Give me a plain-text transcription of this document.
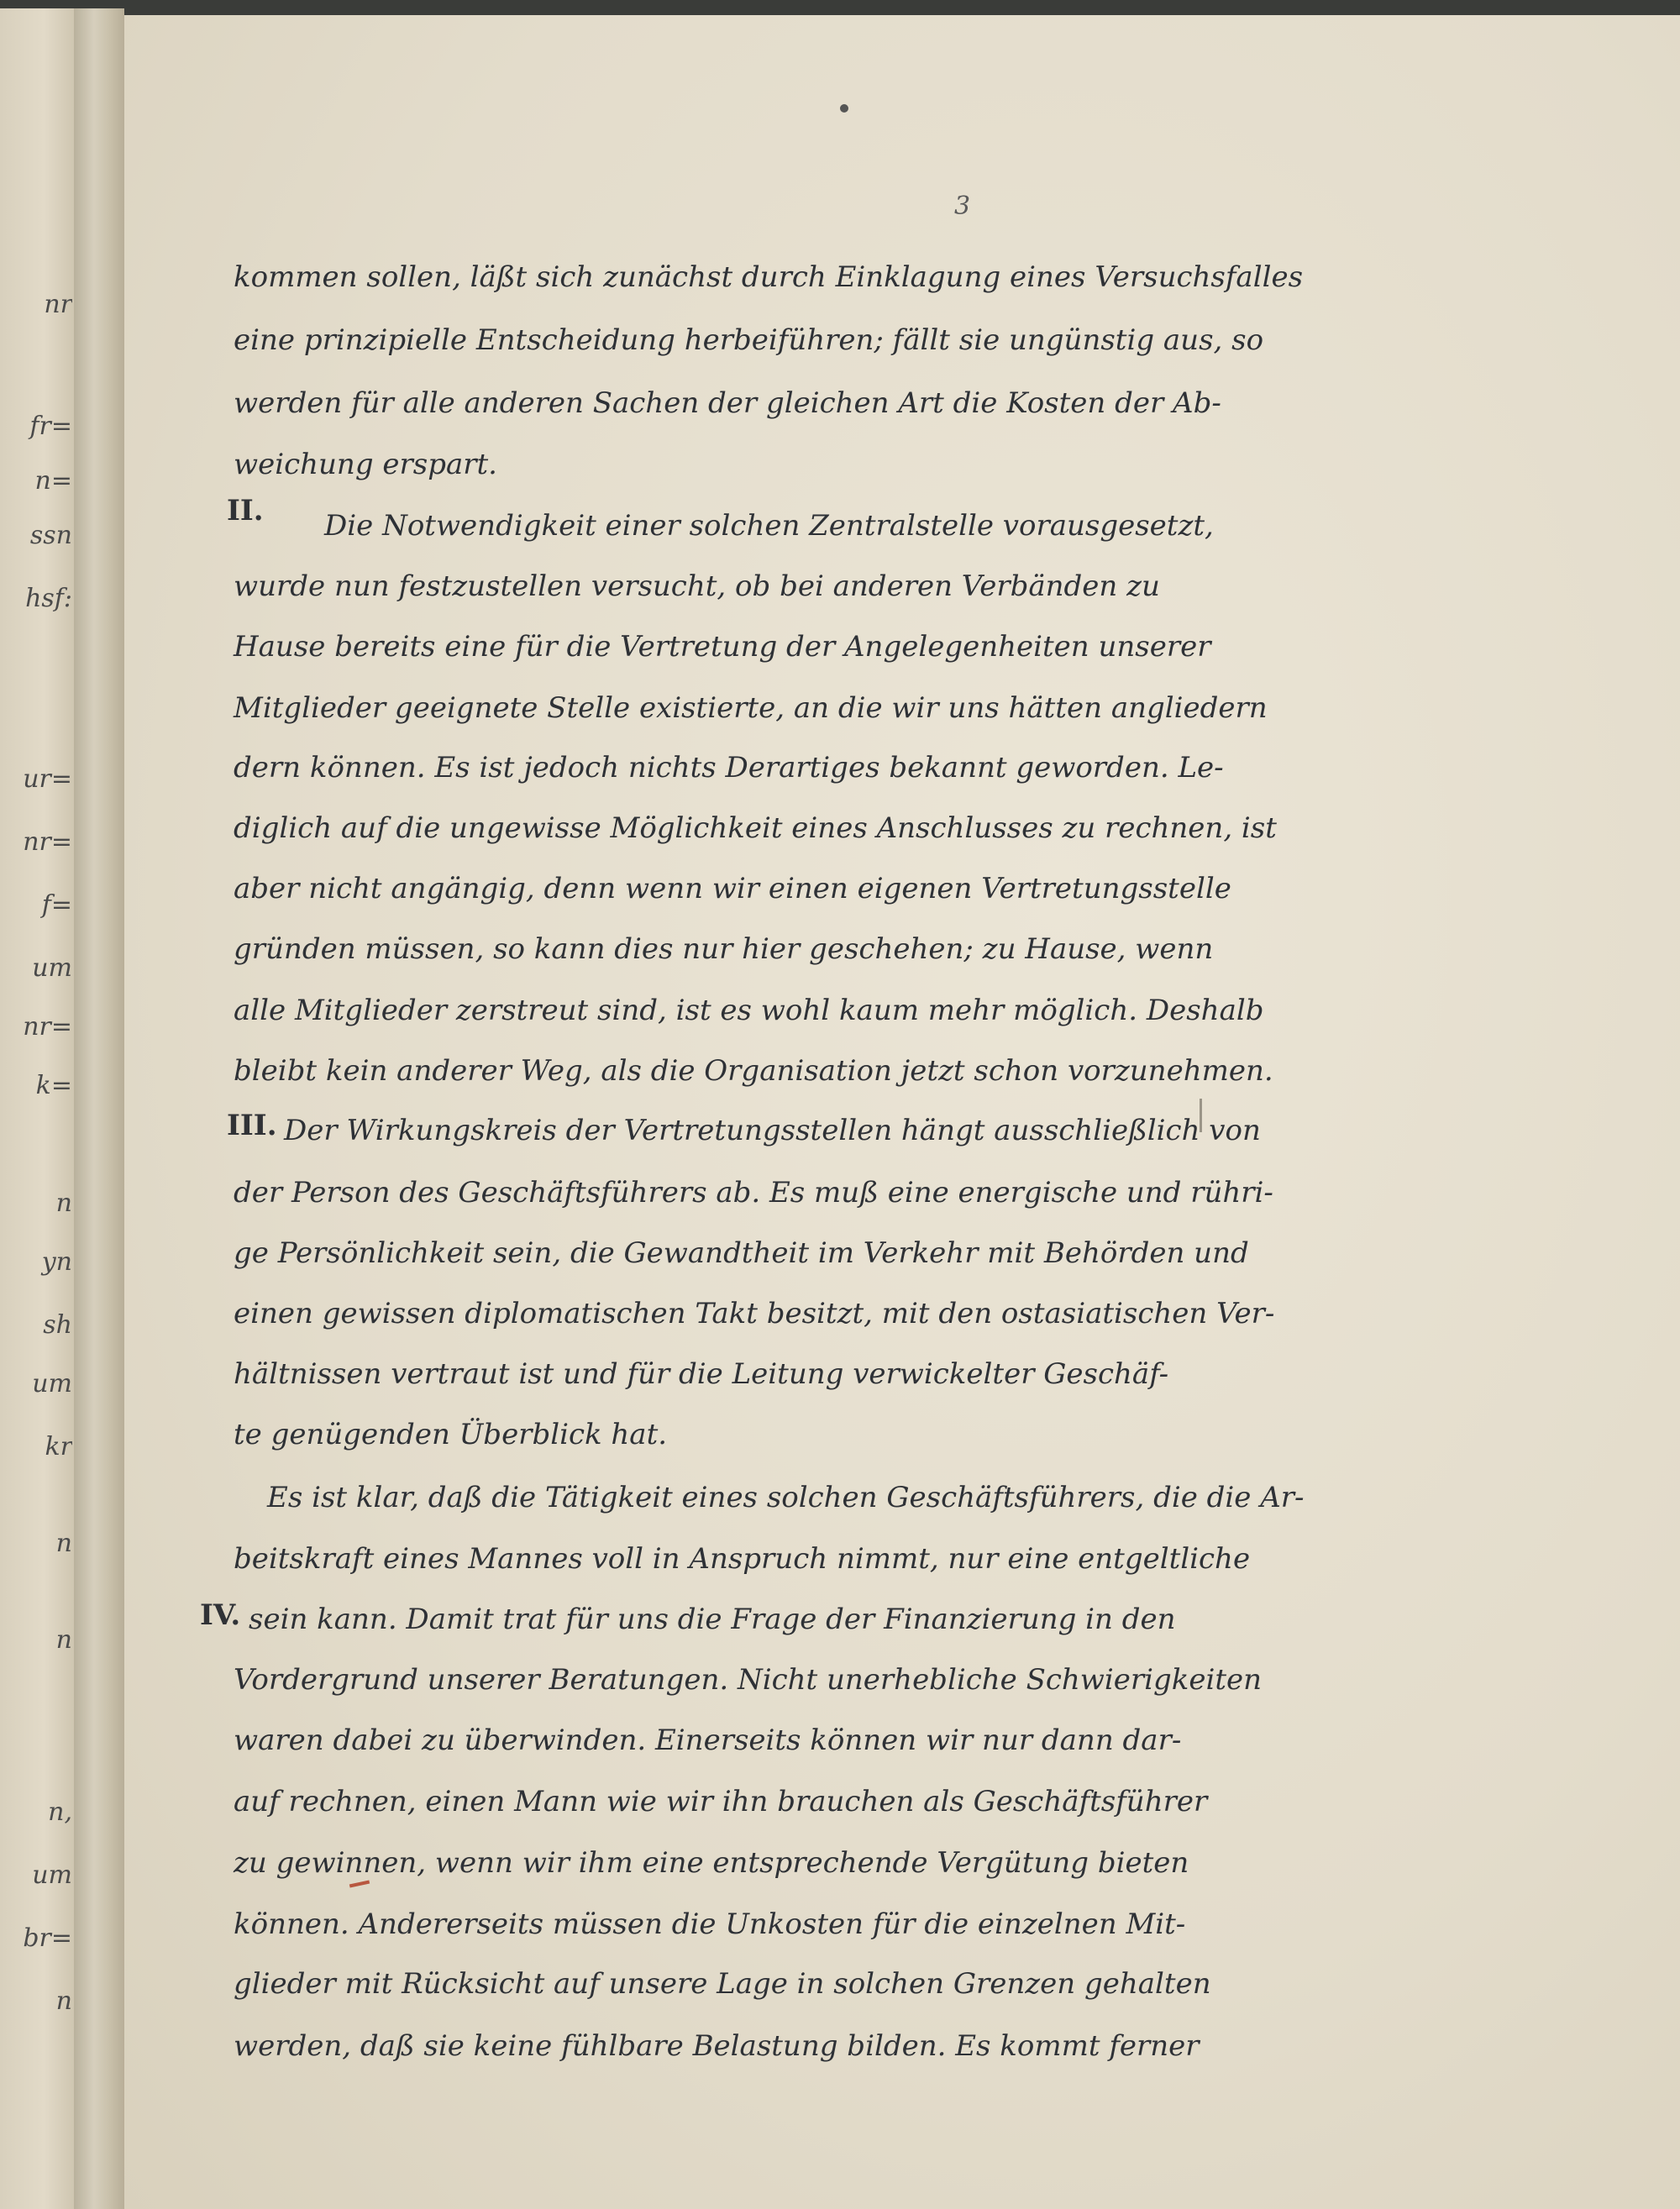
nr
fr=
n=
ssn
hsf:
ur=
nr=
f=
um
nr=
k=
n
yn
sh
um
kr
n
n
n,
um
br=
n
3
II.
III.
IV.
kommen sollen, läßt sich zunächst durch Einklagung eines Versuchsfalles
eine prinzipielle Entscheidung herbeiführen; fällt sie ungünstig aus, so
werden für alle anderen Sachen der gleichen Art die Kosten der Ab-
weichung erspart.
Die Notwendigkeit einer solchen Zentralstelle vorausgesetzt,
wurde nun festzustellen versucht, ob bei anderen Verbänden zu
Hause bereits eine für die Vertretung der Angelegenheiten unserer
Mitglieder geeignete Stelle existierte, an die wir uns hätten angliedern
dern können. Es ist jedoch nichts Derartiges bekannt geworden. Le-
diglich auf die ungewisse Möglichkeit eines Anschlusses zu rechnen, ist
aber nicht angängig, denn wenn wir einen eigenen Vertretungsstelle
gründen müssen, so kann dies nur hier geschehen; zu Hause, wenn
alle Mitglieder zerstreut sind, ist es wohl kaum mehr möglich. Deshalb
bleibt kein anderer Weg, als die Organisation jetzt schon vorzunehmen.
Der Wirkungskreis der Vertretungsstellen hängt ausschließlich von
der Person des Geschäftsführers ab. Es muß eine energische und rühri-
ge Persönlichkeit sein, die Gewandtheit im Verkehr mit Behörden und
einen gewissen diplomatischen Takt besitzt, mit den ostasiatischen Ver-
hältnissen vertraut ist und für die Leitung verwickelter Geschäf-
te genügenden Überblick hat.
Es ist klar, daß die Tätigkeit eines solchen Geschäftsführers, die die Ar-
beitskraft eines Mannes voll in Anspruch nimmt, nur eine entgeltliche
sein kann. Damit trat für uns die Frage der Finanzierung in den
Vordergrund unserer Beratungen. Nicht unerhebliche Schwierigkeiten
waren dabei zu überwinden. Einerseits können wir nur dann dar-
auf rechnen, einen Mann wie wir ihn brauchen als Geschäftsführer
zu gewinnen, wenn wir ihm eine entsprechende Vergütung bieten
können. Andererseits müssen die Unkosten für die einzelnen Mit-
glieder mit Rücksicht auf unsere Lage in solchen Grenzen gehalten
werden, daß sie keine fühlbare Belastung bilden. Es kommt ferner
